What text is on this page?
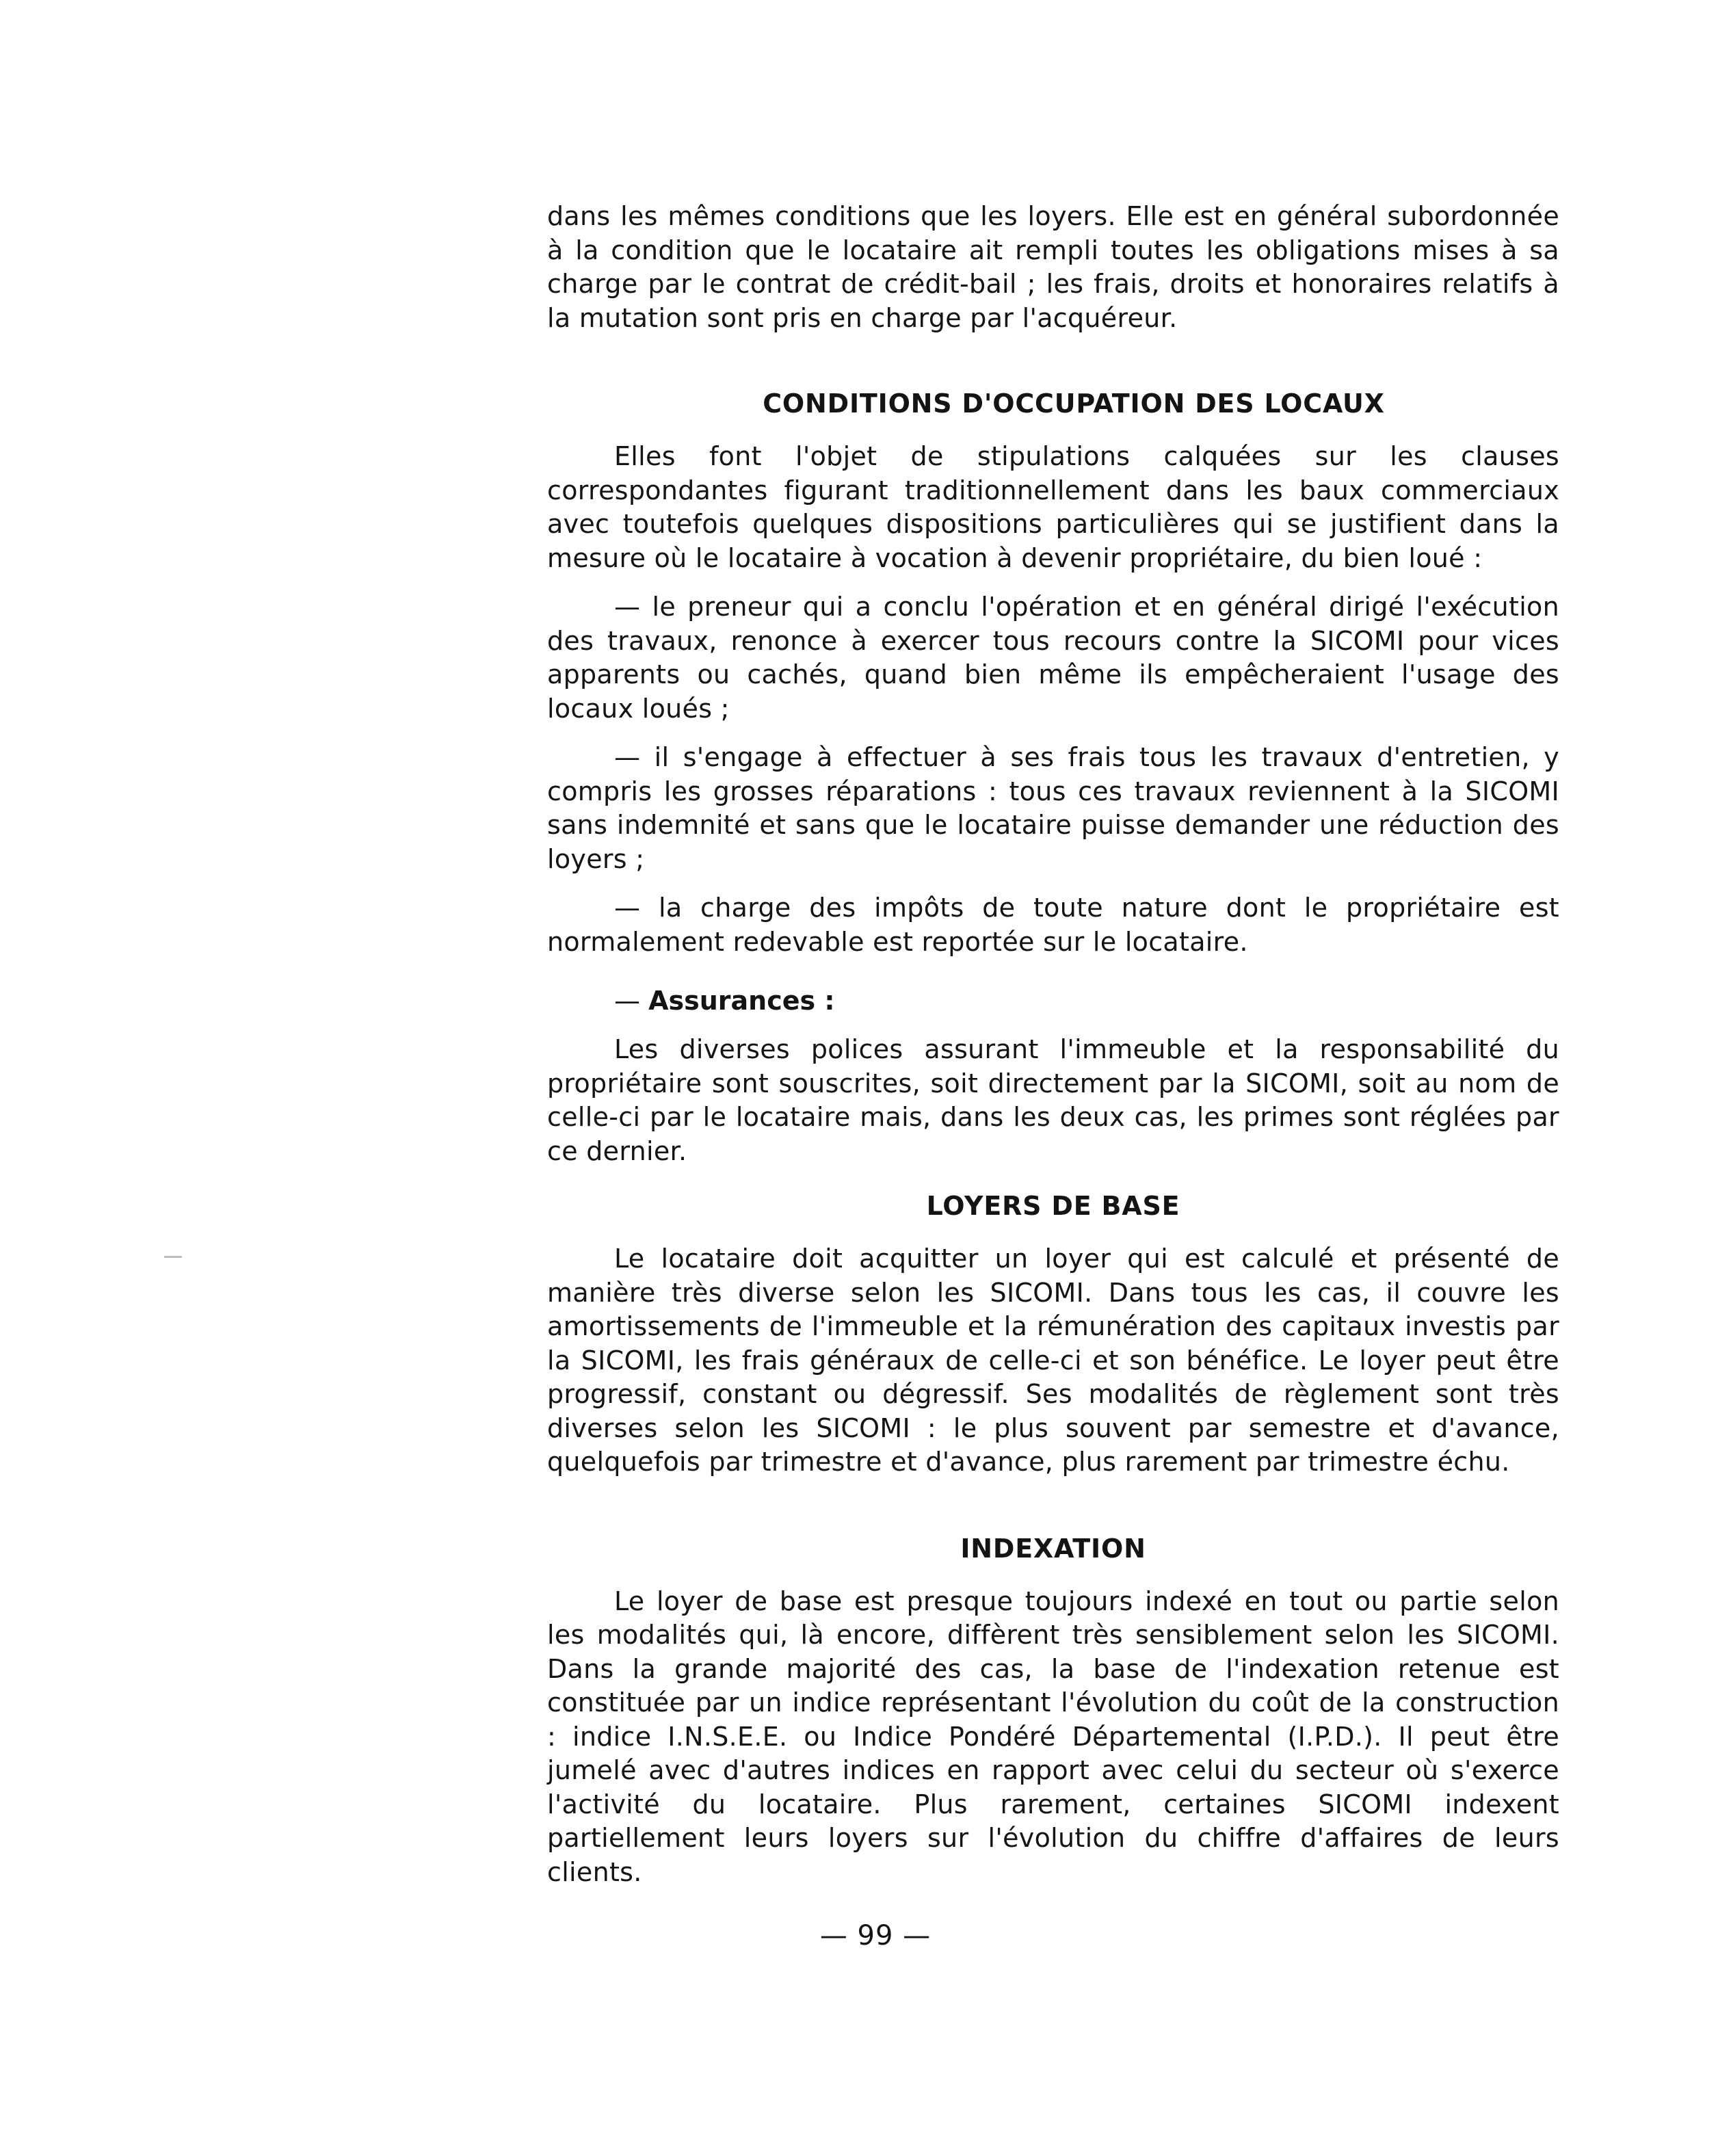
dans les mêmes conditions que les loyers. Elle est en général subordonnée à la condition que le locataire ait rempli toutes les obligations mises à sa charge par le contrat de crédit-bail ; les frais, droits et honoraires relatifs à la mutation sont pris en charge par l'acquéreur.

CONDITIONS D'OCCUPATION DES LOCAUX

Elles font l'objet de stipulations calquées sur les clauses correspondantes figurant traditionnellement dans les baux commerciaux avec toutefois quelques dispositions particulières qui se justifient dans la mesure où le locataire à vocation à devenir propriétaire, du bien loué :

— le preneur qui a conclu l'opération et en général dirigé l'exécution des travaux, renonce à exercer tous recours contre la SICOMI pour vices apparents ou cachés, quand bien même ils empêcheraient l'usage des locaux loués ;

— il s'engage à effectuer à ses frais tous les travaux d'entretien, y compris les grosses réparations : tous ces travaux reviennent à la SICOMI sans indemnité et sans que le locataire puisse demander une réduction des loyers ;

— la charge des impôts de toute nature dont le propriétaire est normalement redevable est reportée sur le locataire.

— Assurances :

Les diverses polices assurant l'immeuble et la responsabilité du propriétaire sont souscrites, soit directement par la SICOMI, soit au nom de celle-ci par le locataire mais, dans les deux cas, les primes sont réglées par ce dernier.

LOYERS DE BASE

Le locataire doit acquitter un loyer qui est calculé et présenté de manière très diverse selon les SICOMI. Dans tous les cas, il couvre les amortissements de l'immeuble et la rémunération des capitaux investis par la SICOMI, les frais généraux de celle-ci et son bénéfice. Le loyer peut être progressif, constant ou dégressif. Ses modalités de règlement sont très diverses selon les SICOMI : le plus souvent par semestre et d'avance, quelquefois par trimestre et d'avance, plus rarement par trimestre échu.

INDEXATION

Le loyer de base est presque toujours indexé en tout ou partie selon les modalités qui, là encore, diffèrent très sensiblement selon les SICOMI. Dans la grande majorité des cas, la base de l'indexation retenue est constituée par un indice représentant l'évolution du coût de la construction : indice I.N.S.E.E. ou Indice Pondéré Départemental (I.P.D.). Il peut être jumelé avec d'autres indices en rapport avec celui du secteur où s'exerce l'activité du locataire. Plus rarement, certaines SICOMI indexent partiellement leurs loyers sur l'évolution du chiffre d'affaires de leurs clients.

— 99 —
